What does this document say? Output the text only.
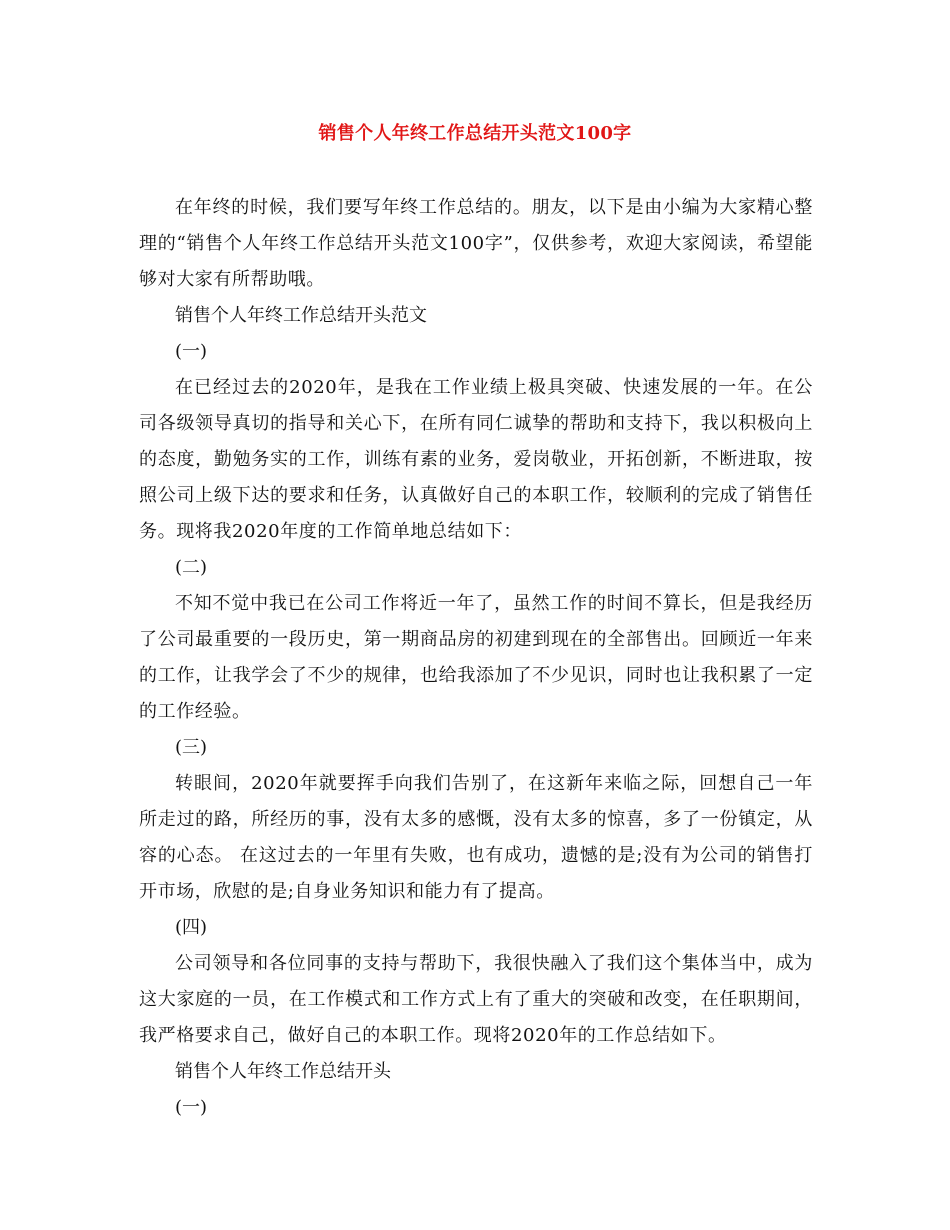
销售个人年终工作总结开头范文100字

在年终的时候，我们要写年终工作总结的。朋友，以下是由小编为大家精心整理的“销售个人年终工作总结开头范文100字”，仅供参考，欢迎大家阅读，希望能够对大家有所帮助哦。

销售个人年终工作总结开头范文

(一)

在已经过去的2020年，是我在工作业绩上极具突破、快速发展的一年。在公司各级领导真切的指导和关心下，在所有同仁诚挚的帮助和支持下，我以积极向上的态度，勤勉务实的工作，训练有素的业务，爱岗敬业，开拓创新，不断进取，按照公司上级下达的要求和任务，认真做好自己的本职工作，较顺利的完成了销售任务。现将我2020年度的工作简单地总结如下：

(二)

不知不觉中我已在公司工作将近一年了，虽然工作的时间不算长，但是我经历了公司最重要的一段历史，第一期商品房的初建到现在的全部售出。回顾近一年来的工作，让我学会了不少的规律，也给我添加了不少见识，同时也让我积累了一定的工作经验。

(三)

转眼间，2020年就要挥手向我们告别了，在这新年来临之际，回想自己一年所走过的路，所经历的事，没有太多的感慨，没有太多的惊喜，多了一份镇定，从容的心态。 在这过去的一年里有失败，也有成功，遗憾的是;没有为公司的销售打开市场，欣慰的是;自身业务知识和能力有了提高。

(四)

公司领导和各位同事的支持与帮助下，我很快融入了我们这个集体当中，成为这大家庭的一员，在工作模式和工作方式上有了重大的突破和改变，在任职期间，我严格要求自己，做好自己的本职工作。现将2020年的工作总结如下。

销售个人年终工作总结开头

(一)
